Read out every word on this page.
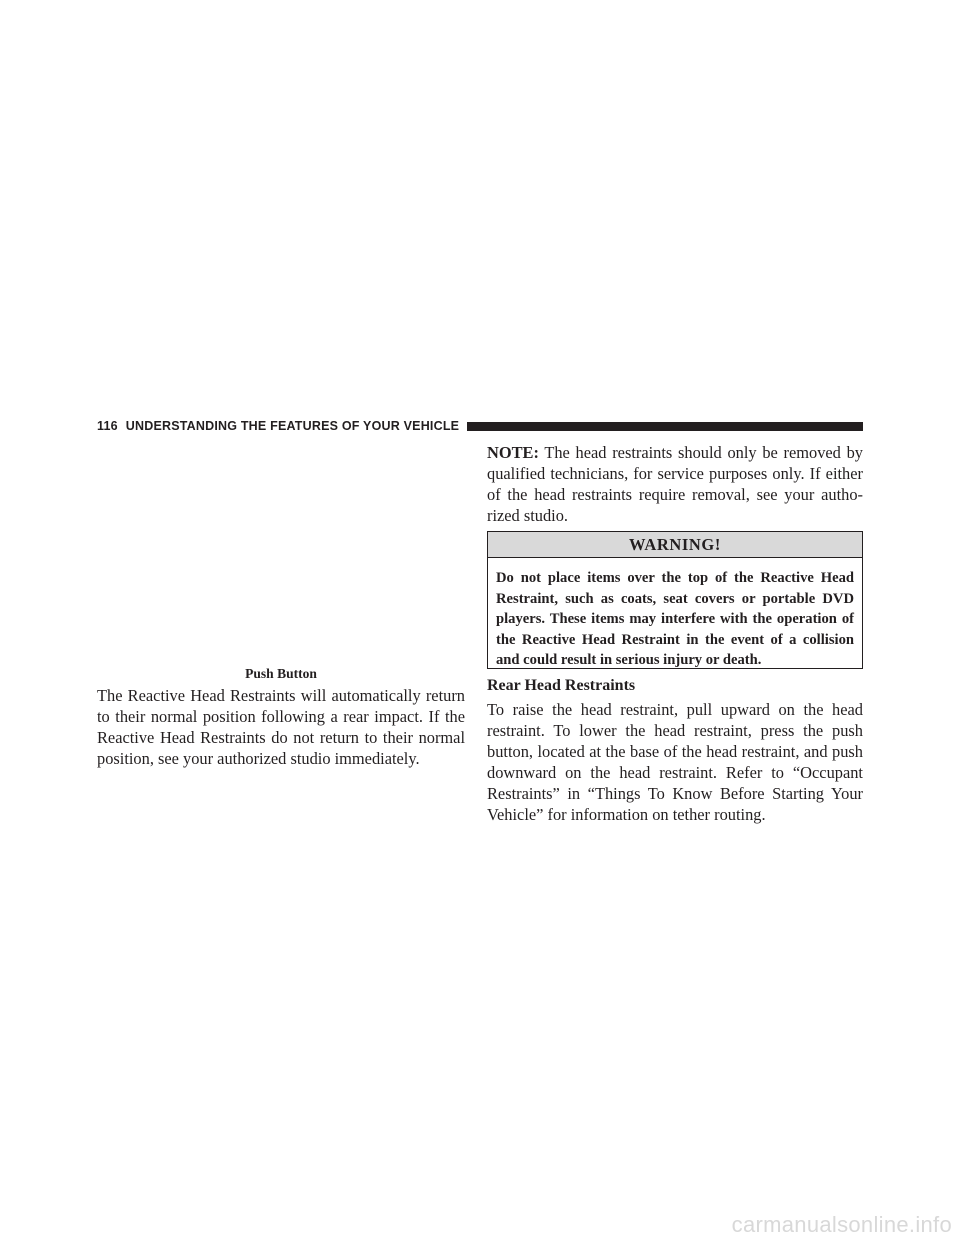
116 UNDERSTANDING THE FEATURES OF YOUR VEHICLE
Push Button

The Reactive Head Restraints will automatically return to their normal position following a rear impact. If the Reactive Head Restraints do not return to their normal position, see your authorized studio immediately.

NOTE: The head restraints should only be removed by qualified technicians, for service purposes only. If either of the head restraints require removal, see your autho-rized studio.

WARNING!

Do not place items over the top of the Reactive Head Restraint, such as coats, seat covers or portable DVD players. These items may interfere with the operation of the Reactive Head Restraint in the event of a collision and could result in serious injury or death.

Rear Head Restraints

To raise the head restraint, pull upward on the head restraint. To lower the head restraint, press the push button, located at the base of the head restraint, and push downward on the head restraint. Refer to “Occupant Restraints” in “Things To Know Before Starting Your Vehicle” for information on tether routing.

carmanualsonline.info
